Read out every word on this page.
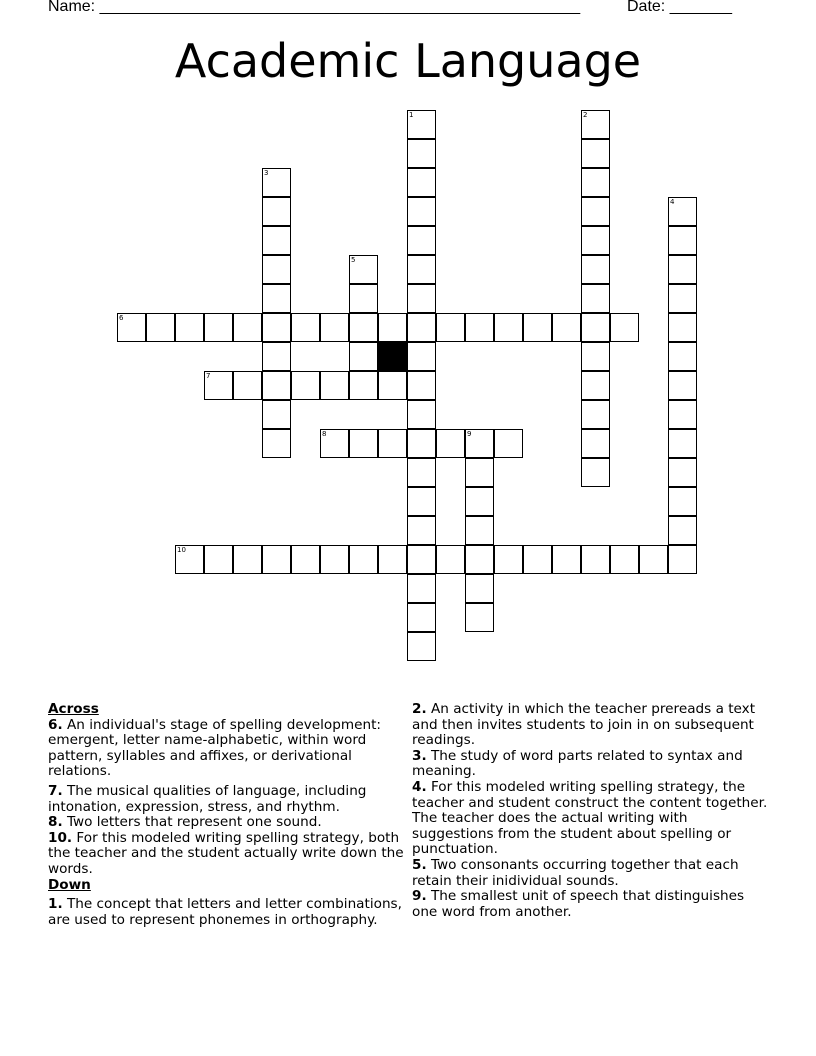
Name: ______________________________________________________	Date: _______
Academic Language
1	2
3
4
5
6
7
8	9
10
Across

6. An individual's stage of spelling development: emergent, letter name-alphabetic, within word pattern, syllables and affixes, or derivational relations.

7. The musical qualities of language, including intonation, expression, stress, and rhythm.

8. Two letters that represent one sound.

10. For this modeled writing spelling strategy, both the teacher and the student actually write down the words.

Down

1. The concept that letters and letter combinations, are used to represent phonemes in orthography.

2. An activity in which the teacher prereads a text and then invites students to join in on subsequent readings.

3. The study of word parts related to syntax and meaning.

4. For this modeled writing spelling strategy, the teacher and student construct the content together. The teacher does the actual writing with suggestions from the student about spelling or punctuation.

5. Two consonants occurring together that each retain their inidividual sounds.

9. The smallest unit of speech that distinguishes one word from another.
